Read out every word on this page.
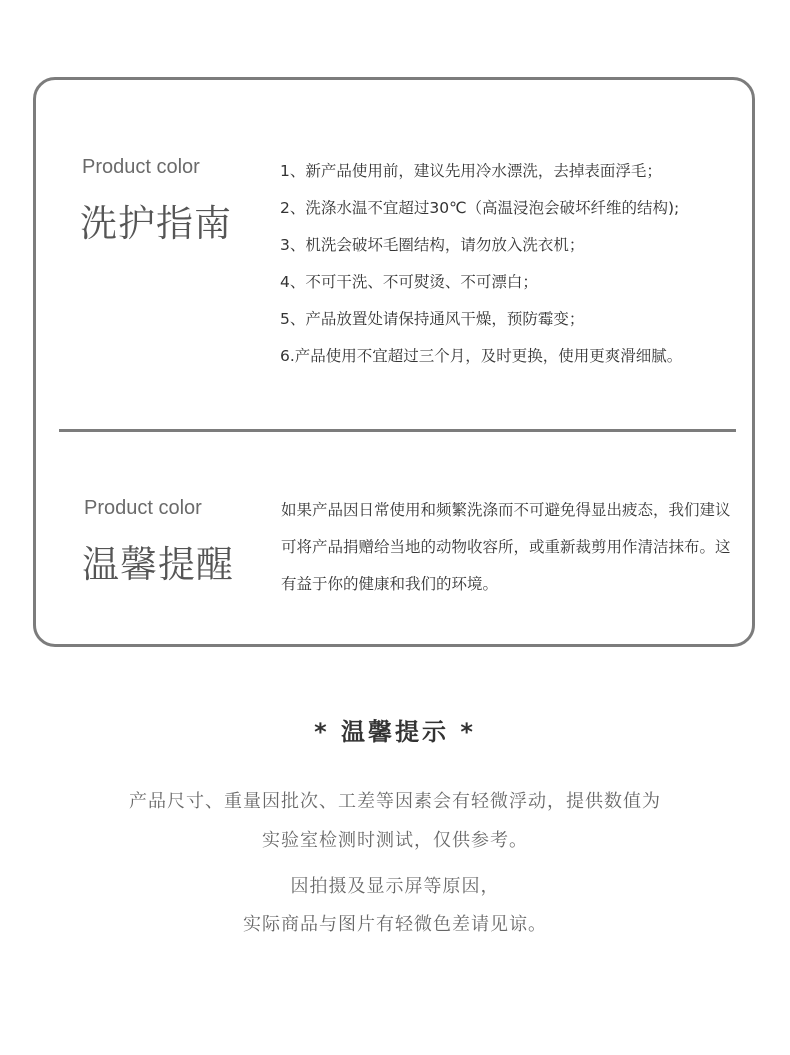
Product color
洗护指南
1、新产品使用前，建议先用冷水漂洗，去掉表面浮毛；
2、洗涤水温不宜超过30℃（高温浸泡会破坏纤维的结构);
3、机洗会破坏毛圈结构，请勿放入洗衣机；
4、不可干洗、不可熨烫、不可漂白；
5、产品放置处请保持通风干燥，预防霉变；
6.产品使用不宜超过三个月，及时更换，使用更爽滑细腻。
Product color
温馨提醒

如果产品因日常使用和频繁洗涤而不可避免得显出疲态，我们建议可将产品捐赠给当地的动物收容所，或重新裁剪用作清洁抹布。这有益于你的健康和我们的环境。

* 温馨提示 *
产品尺寸、重量因批次、工差等因素会有轻微浮动，提供数值为
实验室检测时测试，仅供参考。
因拍摄及显示屏等原因，
实际商品与图片有轻微色差请见谅。
